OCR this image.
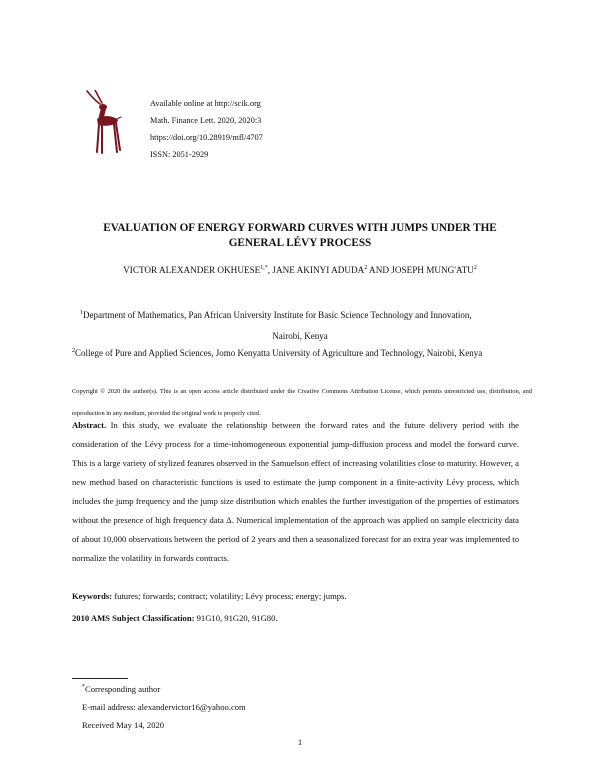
Available online at http://scik.org
Math. Finance Lett. 2020, 2020:3
https://doi.org/10.28919/mfl/4707
ISSN: 2051-2929
EVALUATION OF ENERGY FORWARD CURVES WITH JUMPS UNDER THE
GENERAL LÉVY PROCESS
VICTOR ALEXANDER $OKHUESE^{1,*}$, JANE AKINYI ADUDA$^2$ AND JOSEPH MUNG'ATU$^2$
$^1$Department of Mathematics, Pan African University Institute for Basic Science Technology and Innovation,
Nairobi, Kenya
$^2$College of Pure and Applied Sciences, Jomo Kenyatta University of Agriculture and Technology, Nairobi, Kenya
Copyright © 2020 the author(s). This is an open access article distributed under the Creative Commons Attribution License, which permits unrestricted use, distribution, and reproduction in any medium, provided the original work is properly cited.
Abstract. In this study, we evaluate the relationship between the forward rates and the future delivery period with the consideration of the Lévy process for a time-inhomogeneous exponential jump-diffusion process and model the forward curve. This is a large variety of stylized features observed in the Samuelson effect of increasing volatilities close to maturity. However, a new method based on characteristic functions is used to estimate the jump component in a finite-activity Lévy process, which includes the jump frequency and the jump size distribution which enables the further investigation of the properties of estimators without the presence of high frequency data Δ. Numerical implementation of the approach was applied on sample electricity data of about 10,000 observations between the period of 2 years and then a seasonalized forecast for an extra year was implemented to normalize the volatility in forwards contracts.
Keywords: futures; forwards; contract; volatility; Lévy process; energy; jumps.
2010 AMS Subject Classification: 91G10, 91G20, 91G80.
*Corresponding author
E-mail address: alexandervictor16@yahoo.com
Received May 14, 2020
1
